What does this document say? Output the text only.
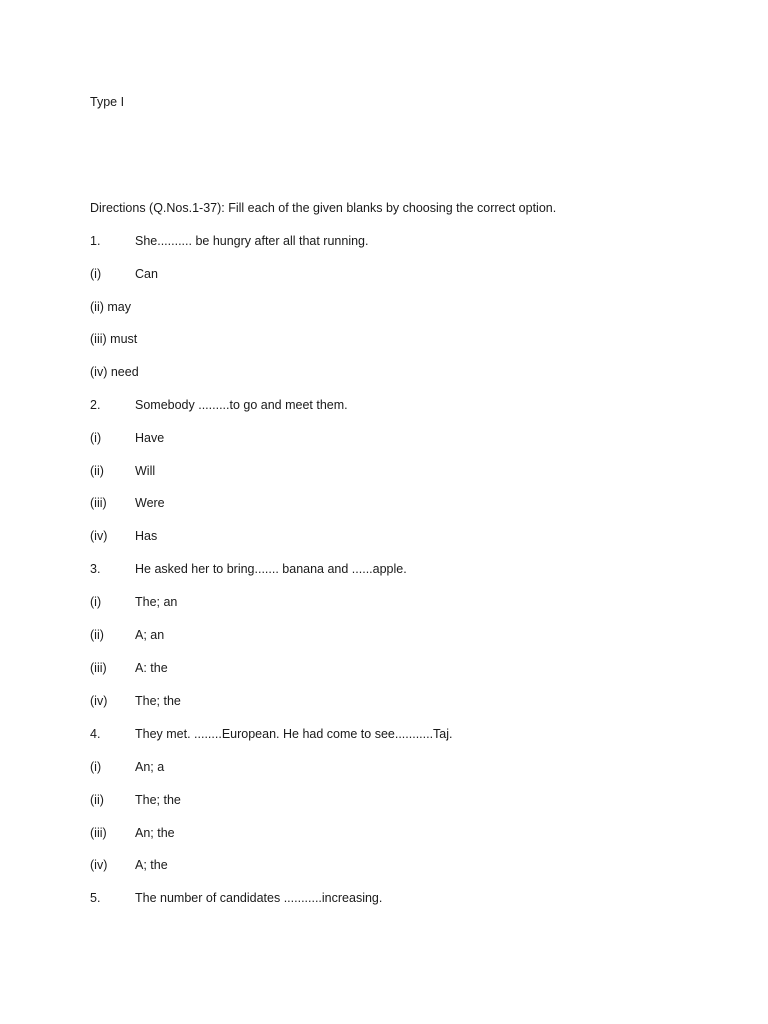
Type I
Directions (Q.Nos.1-37): Fill each of the given blanks by choosing the correct option.
1.	She.......... be hungry after all that running.
(i)	Can
(ii) may
(iii) must
(iv) need
2.	Somebody .........to go and meet them.
(i)	Have
(ii) Will
(iii) Were
(iv) Has
3.	He asked her to bring....... banana and ......apple.
(i)	The; an
(ii) A; an
(iii) A: the
(iv) The; the
4.	They met. ........European. He had come to see...........Taj.
(i)	An; a
(ii) The; the
(iii) An; the
(iv) A; the
5.	The number of candidates ...........increasing.
